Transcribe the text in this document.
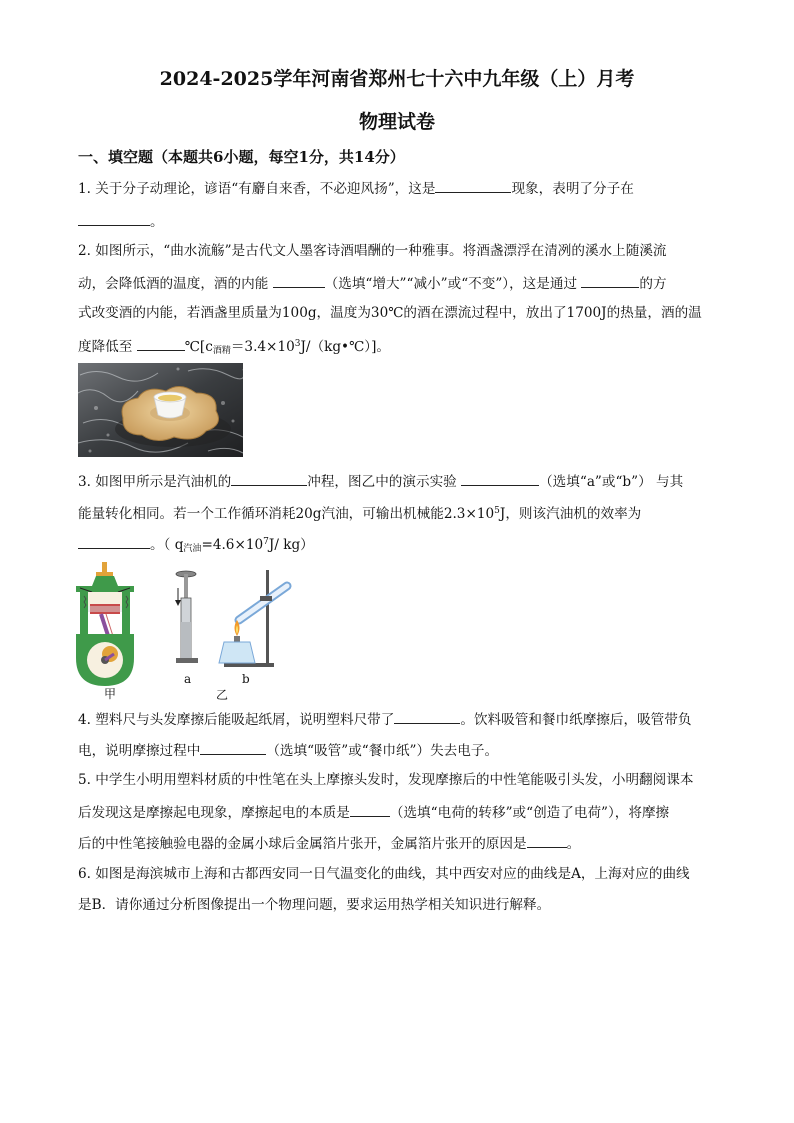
2024-2025学年河南省郑州七十六中九年级（上）月考
物理试卷
一、填空题（本题共6小题，每空1分，共14分）
1. 关于分子动理论，谚语“有麝自来香，不必迎风扬”，这是	现象，表明了分子在
。
2. 如图所示，“曲水流觞”是古代文人墨客诗酒唱酬的一种雅事。将酒盏漂浮在清冽的溪水上随溪流
动，会降低酒的温度，酒的内能	（选填“增大”“减小”或“不变”），这是通过	的方
式改变酒的内能，若酒盏里质量为100g，温度为30℃的酒在漂流过程中，放出了1700J的热量，酒的温
度降低至	$℃[c_{酒精}=3.4\times 10^3J/(kg•℃)]$。
3. 如图甲所示是汽油机的	冲程，图乙中的演示实验	（选填“a”或“b”） 与其
能量转化相同。若一个工作循环消耗20g汽油，可输出机械能$2.3\times 10^5J$，则该汽油机的效率为
。（ $q_{汽油}=4.6\times 10^7J/$ kg）
甲
a
乙
b
4. 塑料尺与头发摩擦后能吸起纸屑，说明塑料尺带了	。饮料吸管和餐巾纸摩擦后，吸管带负
电，说明摩擦过程中	（选填“吸管”或“餐巾纸”）失去电子。
5. 中学生小明用塑料材质的中性笔在头上摩擦头发时，发现摩擦后的中性笔能吸引头发，小明翻阅课本
后发现这是摩擦起电现象，摩擦起电的本质是	（选填“电荷的转移”或“创造了电荷”），将摩擦
后的中性笔接触验电器的金属小球后金属箔片张开，金属箔片张开的原因是	。
6. 如图是海滨城市上海和古都西安同一日气温变化的曲线，其中西安对应的曲线是A，上海对应的曲线
是B．请你通过分析图像提出一个物理问题，要求运用热学相关知识进行解释。
